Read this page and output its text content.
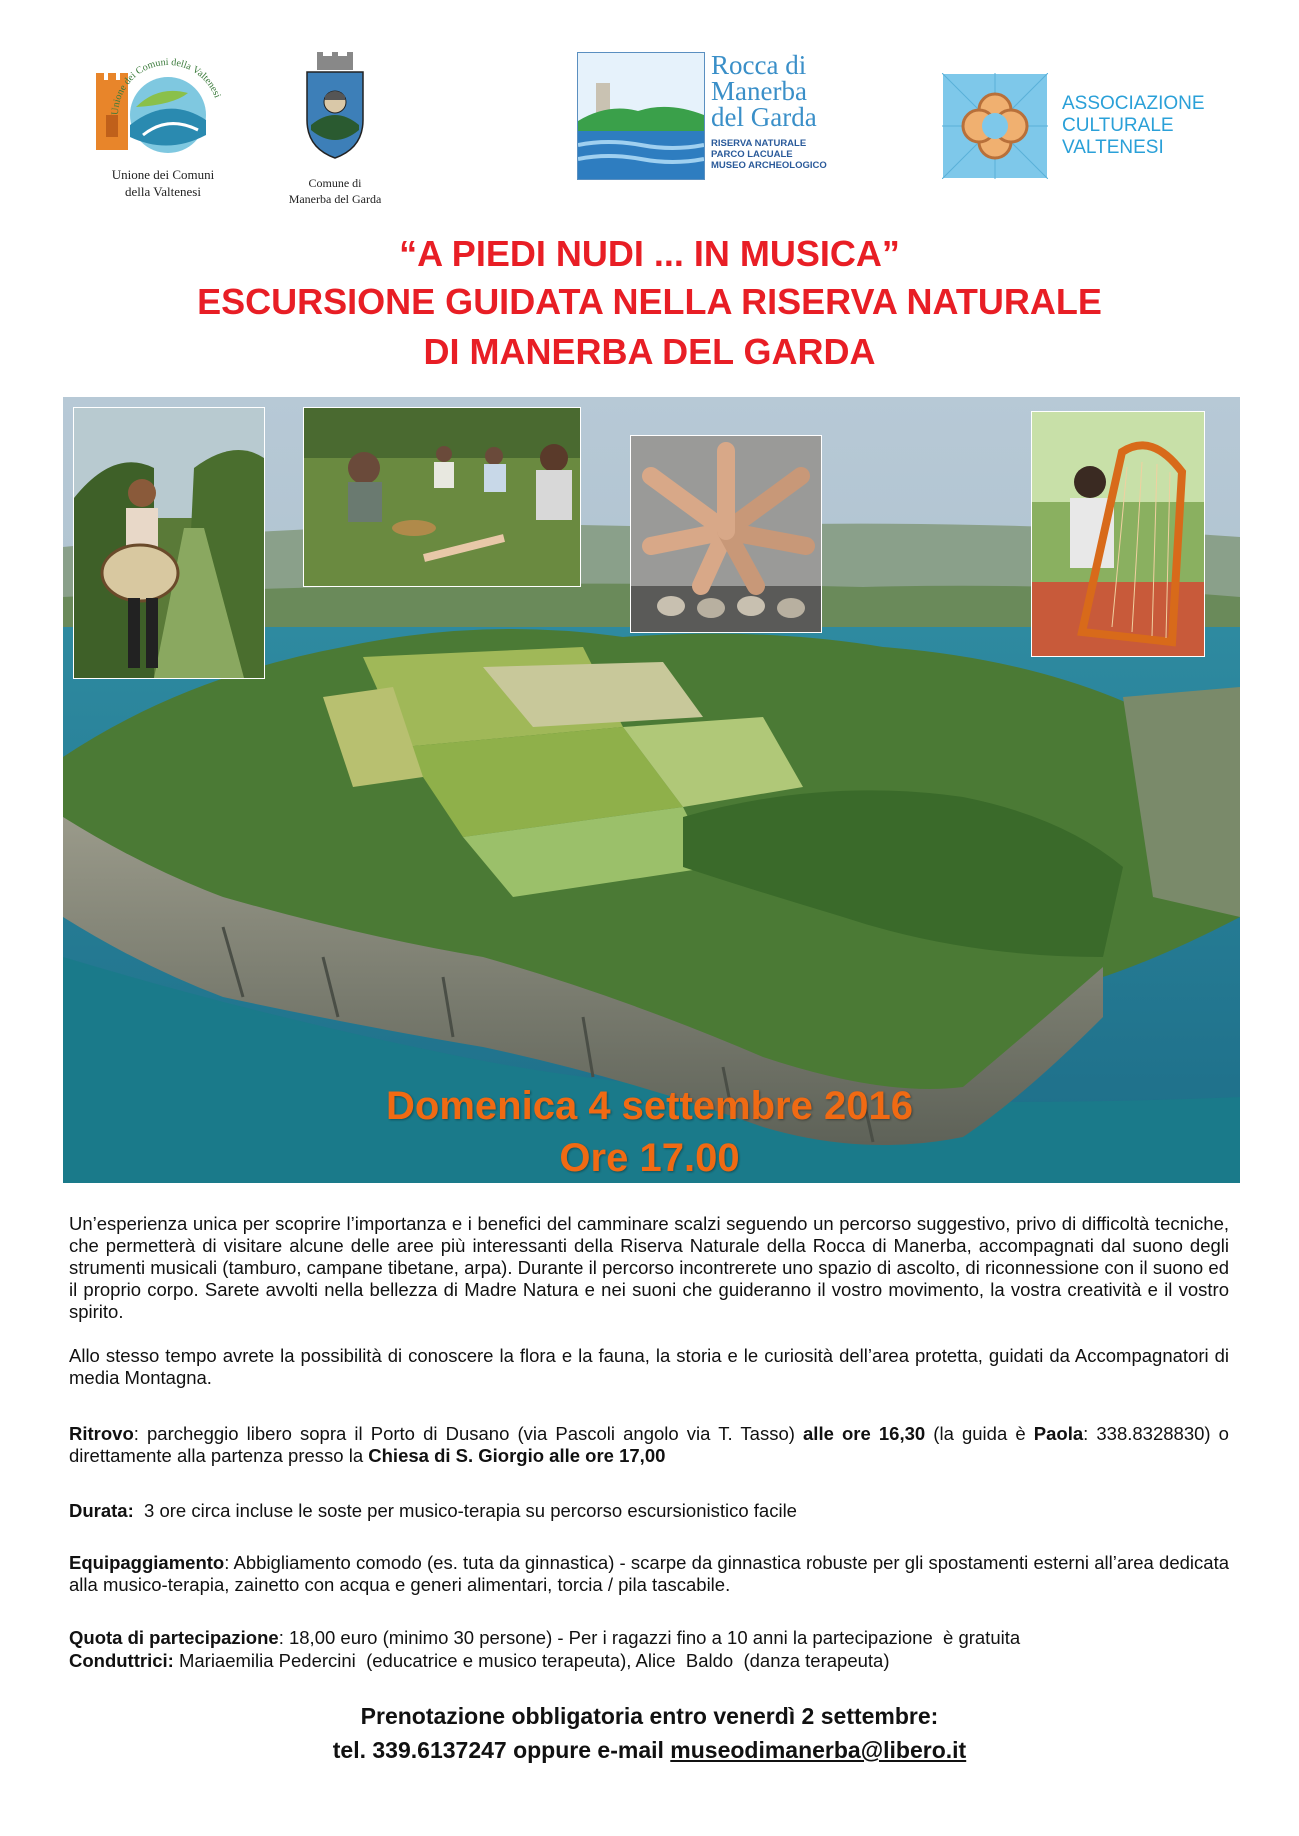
Unione dei Comuni della Valtenesi
Unione dei Comuni
della Valtenesi
Comune di
Manerba del Garda
Rocca di
Manerba
del Garda
RISERVA NATURALE
PARCO LACUALE
MUSEO ARCHEOLOGICO
ASSOCIAZIONE
CULTURALE
VALTENESI
“A PIEDI NUDI ... IN MUSICA”
ESCURSIONE GUIDATA NELLA RISERVA NATURALE
DI MANERBA DEL GARDA
Domenica 4 settembre 2016
Ore 17.00
Un’esperienza unica per scoprire l’importanza e i benefici del camminare scalzi seguendo un percorso suggestivo, privo di difficoltà tecniche, che permetterà di visitare alcune delle aree più interessanti della Riserva Naturale della Rocca di Manerba, accompagnati dal suono degli strumenti musicali (tamburo, campane tibetane, arpa). Durante il percorso incontrerete uno spazio di ascolto, di riconnessione con il suono ed il proprio corpo. Sarete avvolti nella bellezza di Madre Natura e nei suoni che guideranno il vostro movimento, la vostra creatività e il vostro spirito.
Allo stesso tempo avrete la possibilità di conoscere la flora e la fauna, la storia e le curiosità dell’area protetta, guidati da Accompagnatori di media Montagna.
Ritrovo: parcheggio libero sopra il Porto di Dusano (via Pascoli angolo via T. Tasso) alle ore 16,30 (la guida è Paola: 338.8328830) o direttamente alla partenza presso la Chiesa di S. Giorgio alle ore 17,00
Durata:  3 ore circa incluse le soste per musico-terapia su percorso escursionistico facile
Equipaggiamento: Abbigliamento comodo (es. tuta da ginnastica) - scarpe da ginnastica robuste per gli spostamenti esterni all’area dedicata alla musico-terapia, zainetto con acqua e generi alimentari, torcia / pila tascabile.
Quota di partecipazione: 18,00 euro (minimo 30 persone) - Per i ragazzi fino a 10 anni la partecipazione  è gratuita
Conduttrici: Mariaemilia Pedercini  (educatrice e musico terapeuta), Alice  Baldo  (danza terapeuta)
Prenotazione obbligatoria entro venerdì 2 settembre:
tel. 339.6137247 oppure e-mail museodimanerba@libero.it
